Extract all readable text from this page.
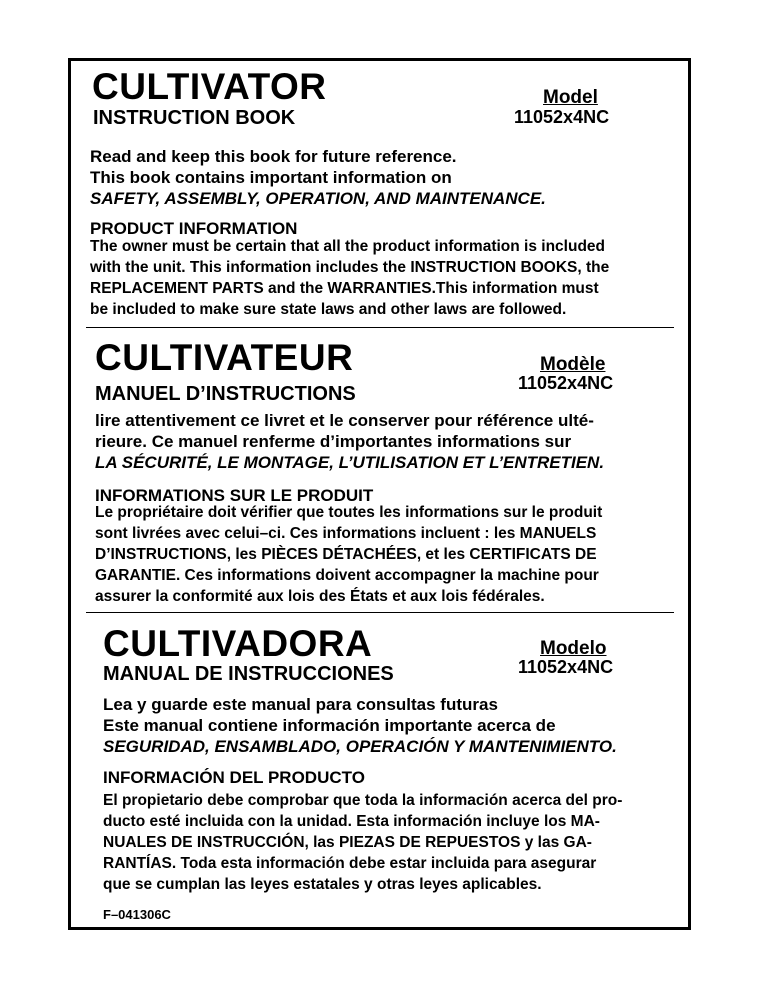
CULTIVATOR
INSTRUCTION BOOK
Model
11052x4NC
Read and keep this book for future reference.
This book contains important information on
SAFETY, ASSEMBLY, OPERATION, AND MAINTENANCE.
PRODUCT INFORMATION
The owner must be certain that all the product information is included
with the unit. This information includes the INSTRUCTION BOOKS, the
REPLACEMENT PARTS and the WARRANTIES.This information must
be included to make sure state laws and other laws are followed.
CULTIVATEUR
MANUEL D’INSTRUCTIONS
Modèle
11052x4NC
lire attentivement ce livret et le conserver pour référence ulté-
rieure. Ce manuel renferme d’importantes informations sur
LA SÉCURITÉ, LE MONTAGE, L’UTILISATION ET L’ENTRETIEN.
INFORMATIONS SUR LE PRODUIT
Le propriétaire doit vérifier que toutes les informations sur le produit
sont livrées avec celui–ci. Ces informations incluent : les MANUELS
D’INSTRUCTIONS, les PIÈCES DÉTACHÉES, et les CERTIFICATS DE
GARANTIE. Ces informations doivent accompagner la machine pour
assurer la conformité aux lois des États et aux lois fédérales.
CULTIVADORA
MANUAL DE INSTRUCCIONES
Modelo
11052x4NC
Lea y guarde este manual para consultas futuras
Este manual contiene información importante acerca de
SEGURIDAD, ENSAMBLADO, OPERACIÓN Y MANTENIMIENTO.
INFORMACIÓN DEL PRODUCTO
El propietario debe comprobar que toda la información acerca del pro-
ducto esté incluida con la unidad. Esta información incluye los MA-
NUALES DE INSTRUCCIÓN, las PIEZAS DE REPUESTOS y las GA-
RANTÍAS. Toda esta información debe estar incluida para asegurar
que se cumplan las leyes estatales y otras leyes aplicables.
F–041306C
